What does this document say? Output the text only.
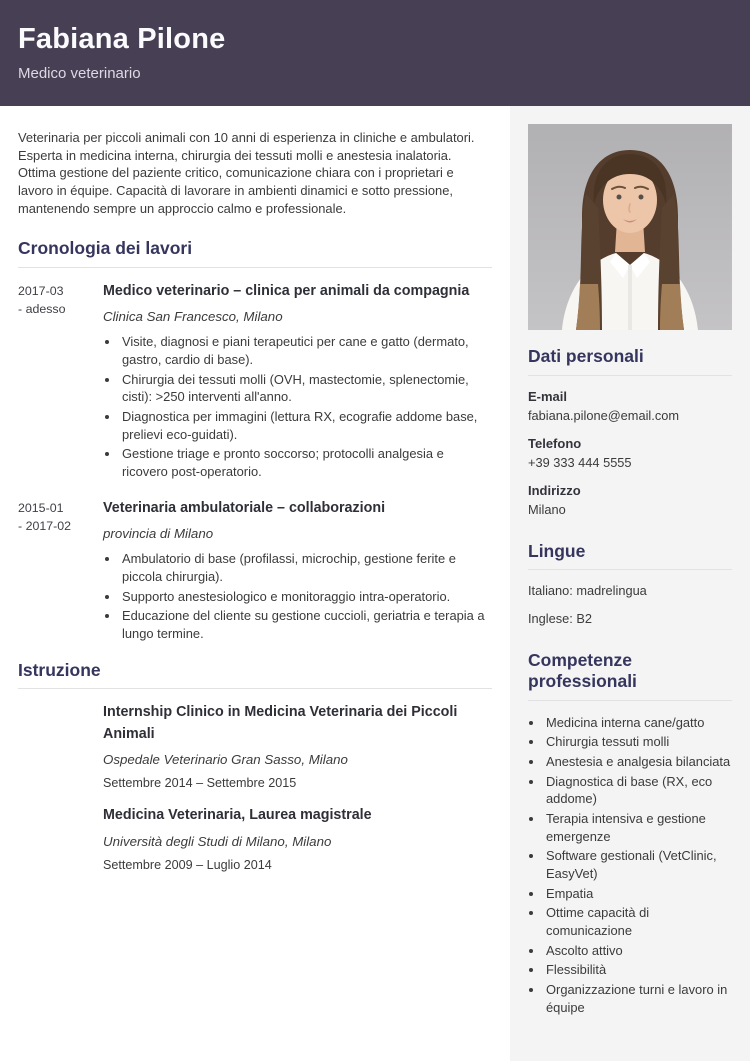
Fabiana Pilone
Medico veterinario

Veterinaria per piccoli animali con 10 anni di esperienza in cliniche e ambulatori. Esperta in medicina interna, chirurgia dei tessuti molli e anestesia inalatoria. Ottima gestione del paziente critico, comunicazione chiara con i proprietari e lavoro in équipe. Capacità di lavorare in ambienti dinamici e sotto pressione, mantenendo sempre un approccio calmo e professionale.

Cronologia dei lavori
2017-03
- adesso
Medico veterinario – clinica per animali da compagnia
Clinica San Francesco, Milano
• Visite, diagnosi e piani terapeutici per cane e gatto (dermato, gastro, cardio di base).
• Chirurgia dei tessuti molli (OVH, mastectomie, splenectomie, cisti): >250 interventi all'anno.
• Diagnostica per immagini (lettura RX, ecografie addome base, prelievi eco-guidati).
• Gestione triage e pronto soccorso; protocolli analgesia e ricovero post-operatorio.
2015-01
- 2017-02
Veterinaria ambulatoriale – collaborazioni
provincia di Milano
• Ambulatorio di base (profilassi, microchip, gestione ferite e piccola chirurgia).
• Supporto anestesiologico e monitoraggio intra-operatorio.
• Educazione del cliente su gestione cuccioli, geriatria e terapia a lungo termine.
Istruzione
Internship Clinico in Medicina Veterinaria dei Piccoli Animali
Ospedale Veterinario Gran Sasso, Milano
Settembre 2014 – Settembre 2015
Medicina Veterinaria, Laurea magistrale
Università degli Studi di Milano, Milano
Settembre 2009 – Luglio 2014
Dati personali
E-mail
fabiana.pilone@email.com
Telefono
+39 333 444 5555
Indirizzo
Milano
Lingue
Italiano: madrelingua
Inglese: B2
Competenze professionali
• Medicina interna cane/gatto
• Chirurgia tessuti molli
• Anestesia e analgesia bilanciata
• Diagnostica di base (RX, eco addome)
• Terapia intensiva e gestione emergenze
• Software gestionali (VetClinic, EasyVet)
• Empatia
• Ottime capacità di comunicazione
• Ascolto attivo
• Flessibilità
• Organizzazione turni e lavoro in équipe
